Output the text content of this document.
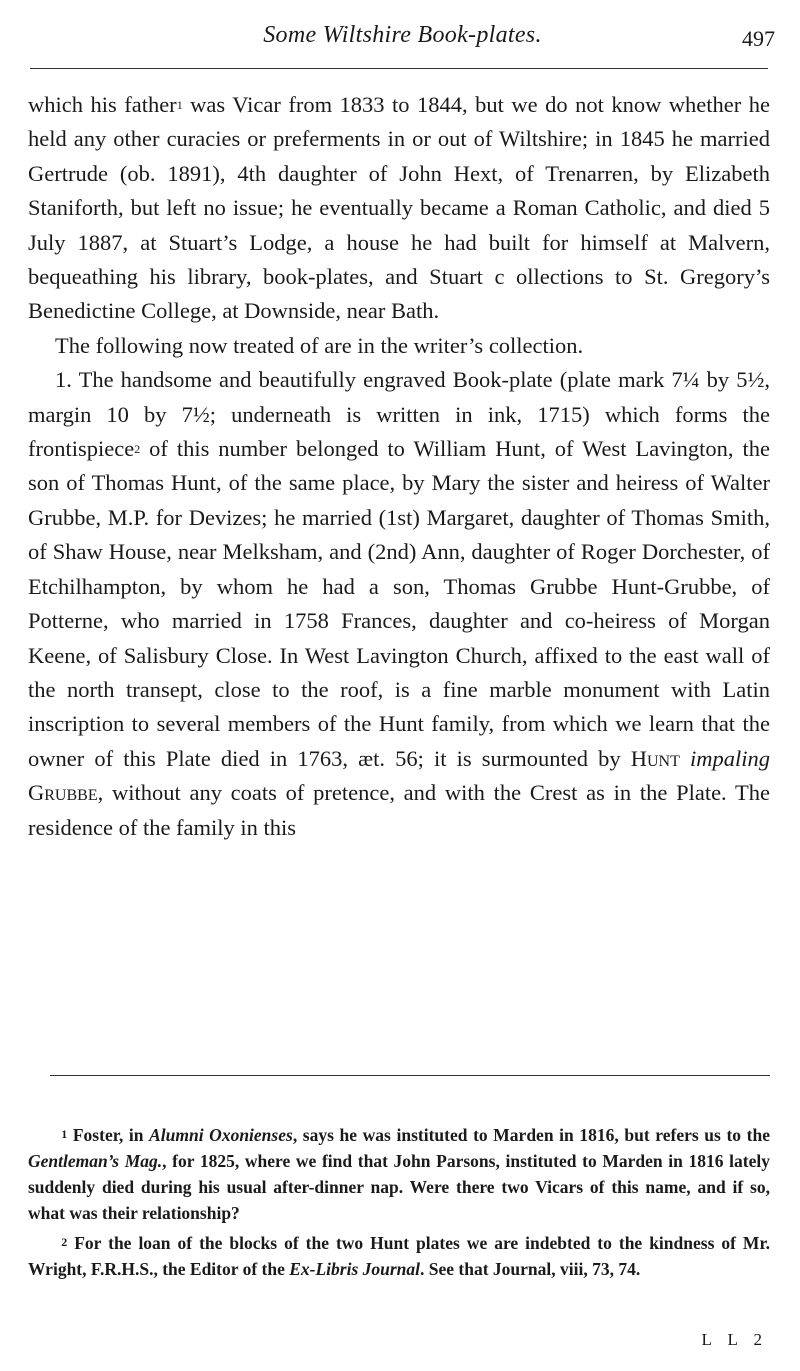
Some Wiltshire Book-plates.	497

which his father$^1$ was Vicar from 1833 to 1844, but we do not know whether he held any other curacies or preferments in or out of Wiltshire; in 1845 he married Gertrude (ob. 1891), 4th daughter of John Hext, of Trenarren, by Elizabeth Staniforth, but left no issue; he eventually became a Roman Catholic, and died 5 July 1887, at Stuart’s Lodge, a house he had built for himself at Malvern, bequeathing his library, book-plates, and Stuart c ollections to St. Gregory’s Benedictine College, at Downside, near Bath.

The following now treated of are in the writer’s collection.

1. The handsome and beautifully engraved Book-plate (plate mark 7¼ by 5½, margin 10 by 7½; underneath is written in ink, 1715) which forms the frontispiece$^2$ of this number belonged to William Hunt, of West Lavington, the son of Thomas Hunt, of the same place, by Mary the sister and heiress of Walter Grubbe, M.P. for Devizes; he married (1st) Margaret, daughter of Thomas Smith, of Shaw House, near Melksham, and (2nd) Ann, daughter of Roger Dorchester, of Etchilhampton, by whom he had a son, Thomas Grubbe Hunt-Grubbe, of Potterne, who married in 1758 Frances, daughter and co-heiress of Morgan Keene, of Salisbury Close. In West Lavington Church, affixed to the east wall of the north transept, close to the roof, is a fine marble monument with Latin inscription to several members of the Hunt family, from which we learn that the owner of this Plate died in 1763, æt. 56; it is surmounted by Hunt impaling Grubbe, without any coats of pretence, and with the Crest as in the Plate. The residence of the family in this

$^1$ Foster, in Alumni Oxonienses, says he was instituted to Marden in 1816, but refers us to the Gentleman’s Mag., for 1825, where we find that John Parsons, instituted to Marden in 1816 lately suddenly died during his usual after-dinner nap. Were there two Vicars of this name, and if so, what was their relationship?

$^2$ For the loan of the blocks of the two Hunt plates we are indebted to the kindness of Mr. Wright, F.R.H.S., the Editor of the Ex-Libris Journal. See that Journal, viii, 73, 74.

L L 2
